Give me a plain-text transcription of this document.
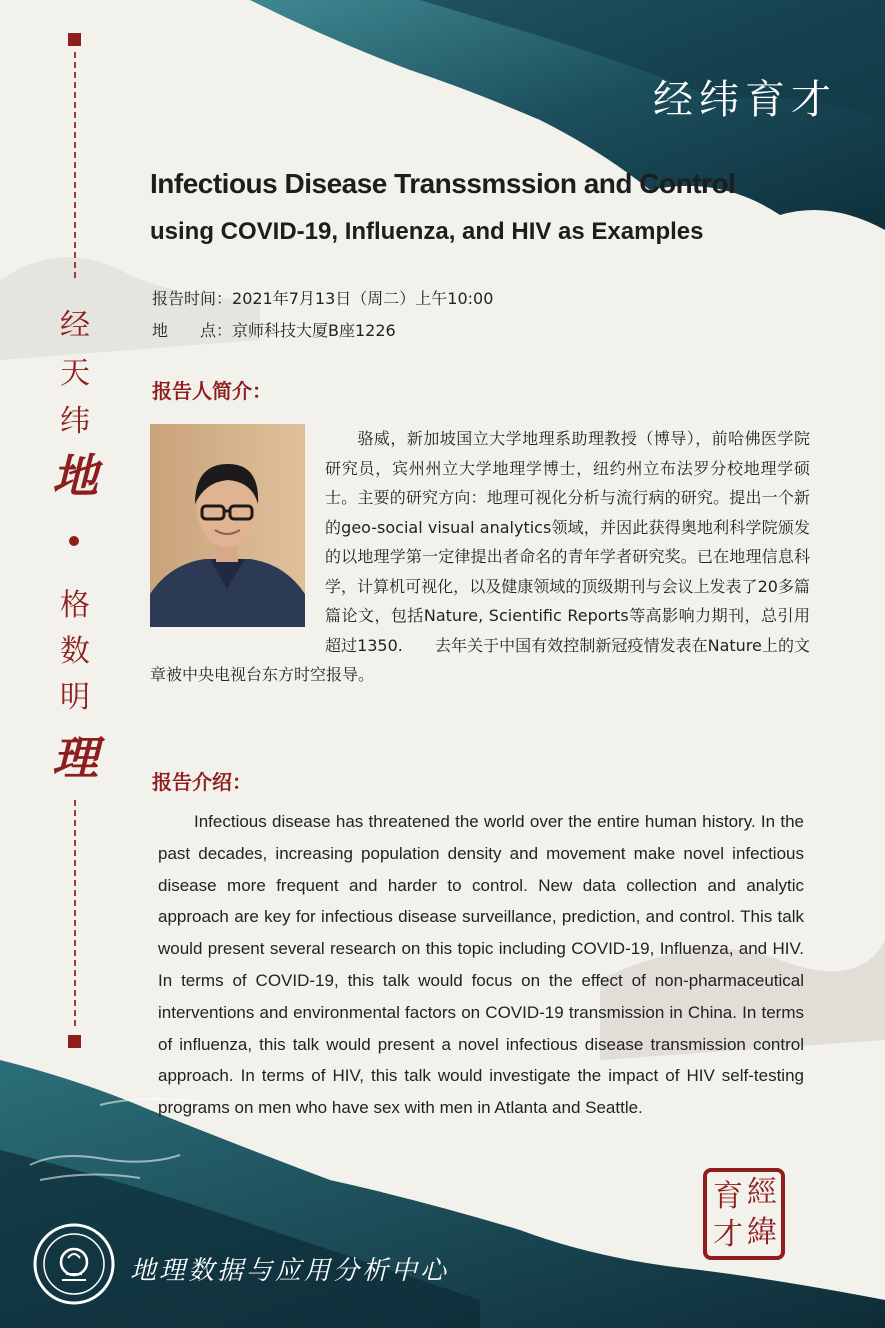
经纬育才
Infectious Disease Transsmssion and Control
using COVID-19, Influenza, and HIV as Examples
报告时间：2021年7月13日（周二）上午10:00
地　　点：京师科技大厦B座1226
报告人简介：
骆威，新加坡国立大学地理系助理教授（博导），前哈佛医学院研究员，宾州州立大学地理学博士，纽约州立布法罗分校地理学硕士。主要的研究方向：地理可视化分析与流行病的研究。提出一个新的geo-social visual analytics领域，并因此获得奥地利科学院颁发的以地理学第一定律提出者命名的青年学者研究奖。已在地理信息科学，计算机可视化，以及健康领域的顶级期刊与会议上发表了20多篇篇论文，包括Nature, Scientific Reports等高影响力期刊，总引用超过1350.　　去年关于中国有效控制新冠疫情发表在Nature上的文章被中央电视台东方时空报导。
报告介绍：
Infectious disease has threatened the world over the entire human history. In the past decades, increasing population density and movement make novel infectious disease more frequent and harder to control. New data collection and analytic approach are key for infectious disease surveillance, prediction, and control. This talk would present several research on this topic including COVID-19, Influenza, and HIV. In terms of COVID-19, this talk would focus on the effect of non-pharmaceutical interventions and environmental factors on COVID-19 transmission in China. In terms of influenza, this talk would present a novel infectious disease transmission control approach. In terms of HIV, this talk would investigate the impact of HIV self-testing programs on men who have sex with men in Atlanta and Seattle.
经
天
纬
地
格
数
明
理
經
育
緯
才
地理数据与应用分析中心
